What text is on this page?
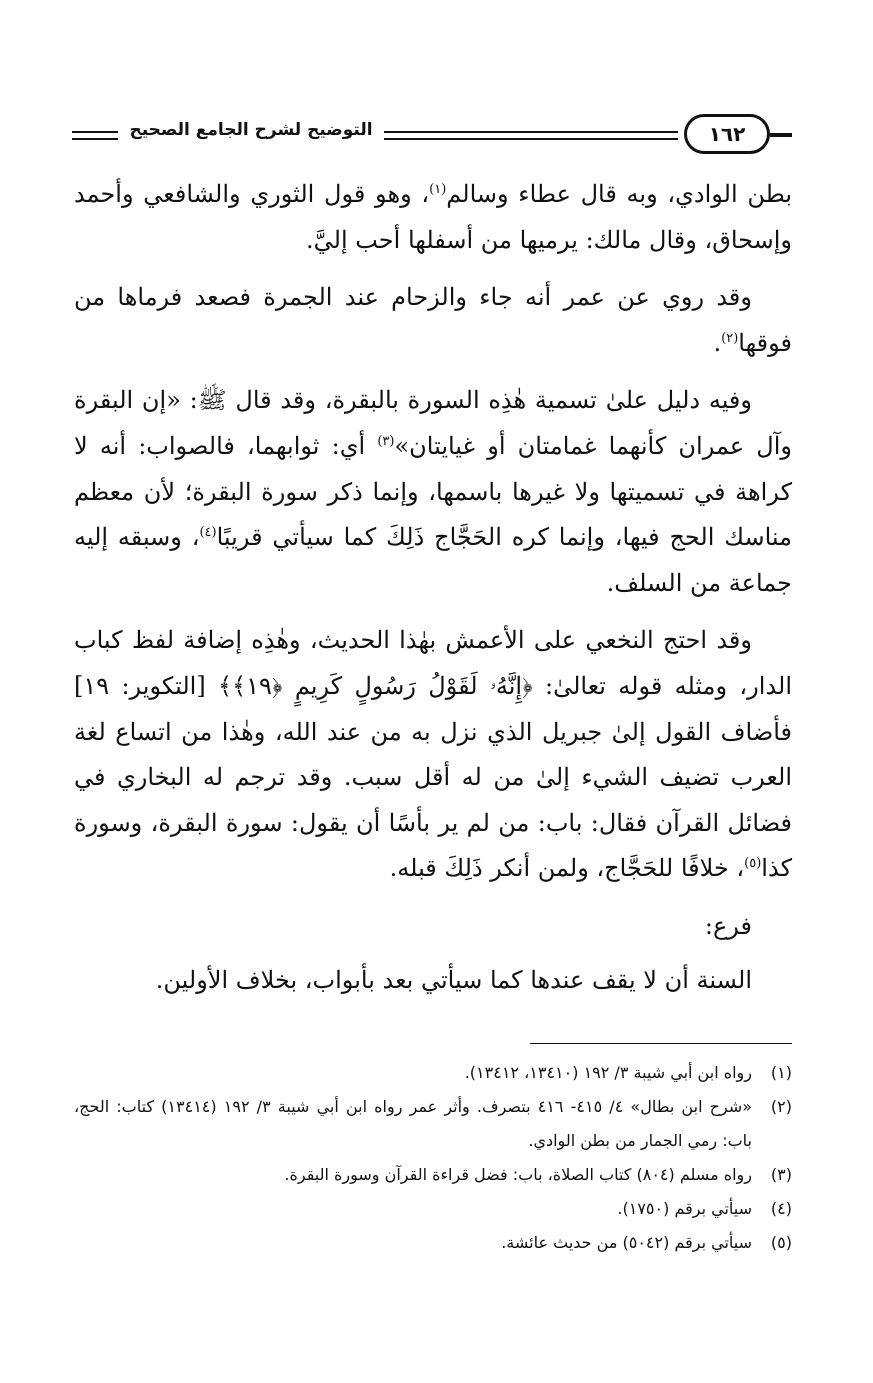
التوضيح لشرح الجامع الصحيح	١٦٢

بطن الوادي، وبه قال عطاء وسالم$^{(١)}$، وهو قول الثوري والشافعي وأحمد وإسحاق، وقال مالك: يرميها من أسفلها أحب إليَّ.

وقد روي عن عمر أنه جاء والزحام عند الجمرة فصعد فرماها من فوقها$^{(٢)}$.

وفيه دليل علىٰ تسمية هٰذِه السورة بالبقرة، وقد قال ﷺ: «إن البقرة وآل عمران كأنهما غمامتان أو غيايتان»$^{(٣)}$ أي: ثوابهما، فالصواب: أنه لا كراهة في تسميتها ولا غيرها باسمها، وإنما ذكر سورة البقرة؛ لأن معظم مناسك الحج فيها، وإنما كره الحَجَّاج ذَلِكَ كما سيأتي قريبًا$^{(٤)}$، وسبقه إليه جماعة من السلف.

وقد احتج النخعي على الأعمش بهٰذا الحديث، وهٰذِه إضافة لفظ كباب الدار، ومثله قوله تعالىٰ: ﴿إِنَّهُۥ لَقَوْلُ رَسُولٍ كَرِيمٍ ﴿١٩﴾﴾ [التكوير: ١٩] فأضاف القول إلىٰ جبريل الذي نزل به من عند الله، وهٰذا من اتساع لغة العرب تضيف الشيء إلىٰ من له أقل سبب. وقد ترجم له البخاري في فضائل القرآن فقال: باب: من لم ير بأسًا أن يقول: سورة البقرة، وسورة كذا$^{(٥)}$، خلافًا للحَجَّاج، ولمن أنكر ذَلِكَ قبله.

فرع:

السنة أن لا يقف عندها كما سيأتي بعد بأبواب، بخلاف الأولين.

(١)
رواه ابن أبي شيبة ٣/ ١٩٢ (١٣٤١٠، ١٣٤١٢).
(٢)
«شرح ابن بطال» ٤/ ٤١٥- ٤١٦ بتصرف. وأثر عمر رواه ابن أبي شيبة ٣/ ١٩٢ (١٣٤١٤) كتاب: الحج، باب: رمي الجمار من بطن الوادي.
(٣)
رواه مسلم (٨٠٤) كتاب الصلاة، باب: فضل قراءة القرآن وسورة البقرة.
(٤)
سيأتي برقم (١٧٥٠).
(٥)
سيأتي برقم (٥٠٤٢) من حديث عائشة.
